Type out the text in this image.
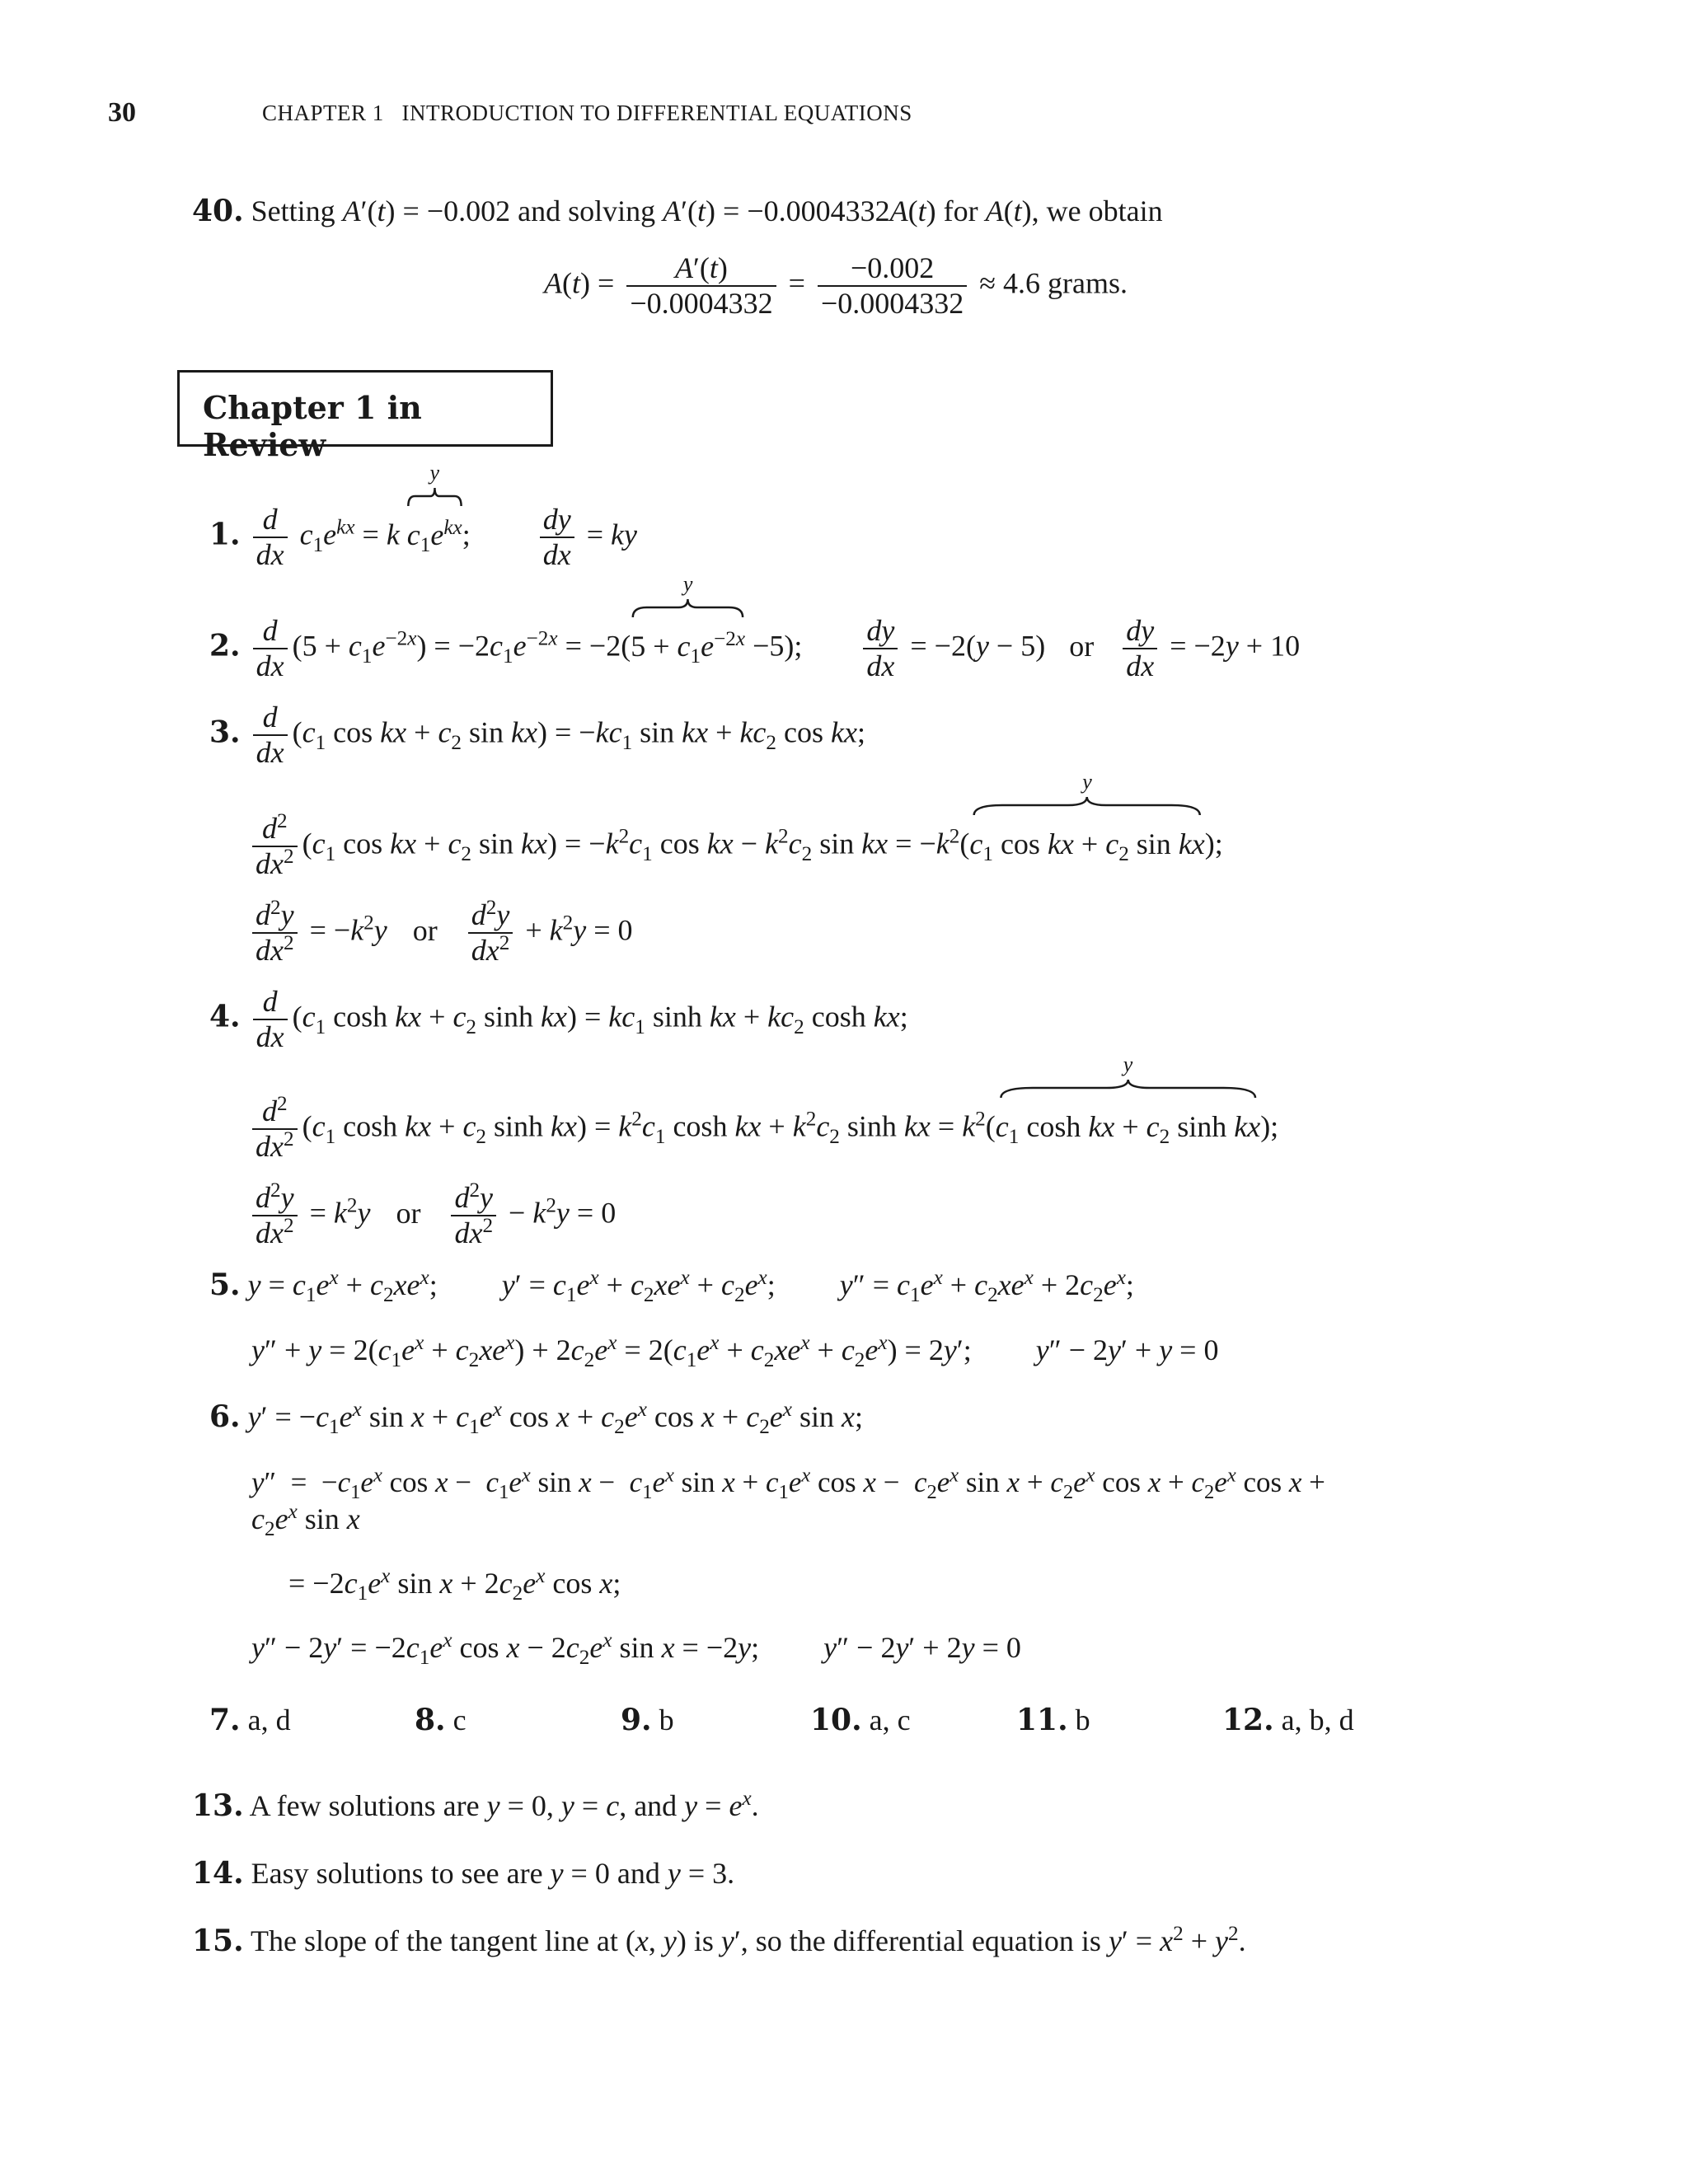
30	CHAPTER 1   INTRODUCTION TO DIFFERENTIAL EQUATIONS
40. Setting A′(t) = −0.002 and solving A′(t) = −0.0004332A(t) for A(t), we obtain
$A(t) = \frac{A'(t)}{-0.0004332} = \frac{-0.002}{-0.0004332} \approx 4.6$ grams.
Chapter 1 in Review
1. $\frac{d}{dx} c_1e^{kx} = k$
y
$c_1e^{kx}$; $\frac{dy}{dx}$ = ky
2. $\frac{d}{dx} (5 + c_1e^{-2x}) = -2c_1e^{-2x} = -2$(
y
$5 + c_1e^{-2x} -5$); $\frac{dy}{dx} = -2(y - 5)$ or $\frac{dy}{dx} = -2y + 10$
3. $\frac{d}{dx} (c_1$ cos kx + $c_2$ $\sin kx) = -kc_1$ sin kx + $kc_2$ cos kx;
$\frac{d^2}{dx^2} (c_1$ cos kx + $c_2$ $\sin kx) = -k^2c_1$ cos kx − $k^2c_2$ sin kx = $-k^2$(
y
$c_1$ cos kx + $c_2$ sin kx);
$\frac{d^2y}{dx^2} = -k^2y$ or $\frac{d^2y}{dx^2} + k^2y = 0$
4. $\frac{d}{dx} (c_1$ cosh kx + $c_2$ $\sinh kx) = kc_1$ sinh kx + $kc_2$ cosh kx;
$\frac{d^2}{dx^2} (c_1$ cosh kx + $c_2$ $\sinh kx) = k^2c_1$ cosh kx + $k^2c_2$ sinh kx = $k^2$(
y
$c_1$ cosh kx + $c_2$ sinh kx);
$\frac{d^2y}{dx^2} = k^2y$ or $\frac{d^2y}{dx^2} - k^2y = 0$
5. $y = c_1e^x + c_2xe^x$;  $y' = c_1e^x + c_2xe^x + c_2e^x$;  $y'' = c_1e^x + c_2xe^x + 2c_2e^x$;
$y'' + y = 2(c_1e^x + c_2xe^x) + 2c_2e^x = 2(c_1e^x + c_2xe^x + c_2e^x) = 2y'$;  y″ − 2y′ + y = 0
6. $y' = -c_1e^x$ $\sin x + c_1e^x$ $\cos x + c_2e^x$ $\cos x + c_2e^x$ sin x;
$y'' = -c_1e^x$ $\cos x - c_1e^x$ $\sin x - c_1e^x$ $\sin x + c_1e^x$ $\cos x - c_2e^x$ $\sin x + c_2e^x$ $\cos x + c_2e^x$ cos x +
$c_2e^x$ sin x
= $-2c_1e^x$ $\sin x + 2c_2e^x$ cos x;
$y'' - 2y' = -2c_1e^x$ $\cos x - 2c_2e^x$ sin x = −2y;  y″ − 2y′ + 2y = 0
7. a, d	8. c	9. b	10. a, c	11. b	12. a, b, d
13. A few solutions are y = 0, y = c, and $y = e^x$.
14. Easy solutions to see are y = 0 and y = 3.
15. The slope of the tangent line at (x, y) is y′, so the differential equation is $y' = x^2 + y^2$.
